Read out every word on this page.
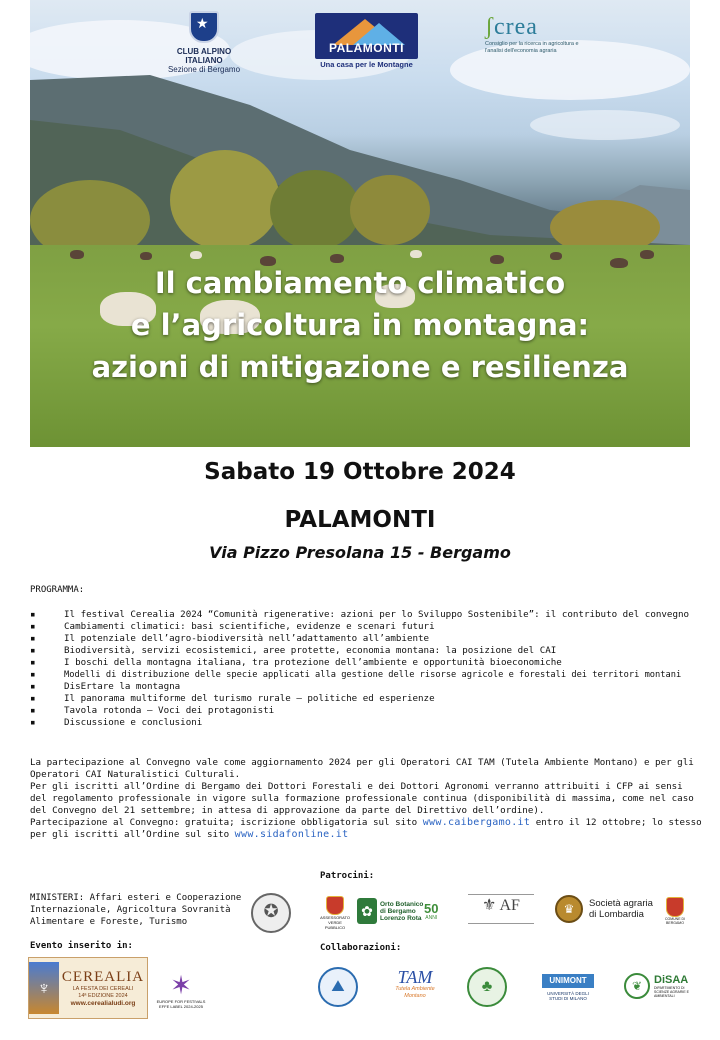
★
CLUB ALPINO ITALIANO
Sezione di Bergamo
PALAMONTI
Una casa per le Montagne
ʃcrea
Consiglio per la ricerca in agricoltura e l'analisi dell'economia agraria
Il cambiamento climatico
e l’agricoltura in montagna:
azioni di mitigazione e resilienza
Sabato 19 Ottobre 2024
PALAMONTI
Via Pizzo Presolana 15 - Bergamo
PROGRAMMA:
▪	Il festival Cerealia 2024 “Comunità rigenerative: azioni per lo Sviluppo Sostenibile”: il contributo del convegno
▪	Cambiamenti climatici: basi scientifiche, evidenze e scenari futuri
▪	Il potenziale dell’agro-biodiversità nell’adattamento all’ambiente
▪	Biodiversità, servizi ecosistemici, aree protette, economia montana: la posizione del CAI
▪	I boschi della montagna italiana, tra protezione dell’ambiente e opportunità bioeconomiche
▪	Modelli di distribuzione delle specie applicati alla gestione delle risorse agricole e forestali dei territori montani
▪	DisErtare la montagna
▪	Il panorama multiforme del turismo rurale – politiche ed esperienze
▪	Tavola rotonda – Voci dei protagonisti
▪	Discussione e conclusioni

La partecipazione al Convegno vale come aggiornamento 2024 per gli Operatori CAI TAM (Tutela Ambiente Montano) e per gli Operatori CAI Naturalistici Culturali.

Per gli iscritti all’Ordine di Bergamo dei Dottori Forestali e dei Dottori Agronomi verranno attribuiti i CFP ai sensi del regolamento professionale in vigore sulla formazione professionale continua (disponibilità di massima, come nel caso del Convegno del 21 settembre; in attesa di approvazione da parte del Direttivo dell’ordine).

Partecipazione al Convegno: gratuita; iscrizione obbligatoria sul sito www.caibergamo.it entro il 12 ottobre; lo stesso per gli iscritti all’Ordine sul sito www.sidafonline.it

Patrocini:
MINISTERI: Affari esteri e Cooperazione Internazionale, Agricoltura Sovranità Alimentare e Foreste, Turismo	✪	ASSESSORATO VERDE PUBBLICO
✿	Orto Botanico di Bergamo Lorenzo Rota
50
ANNI
⚜ AF	♛	Società agraria di Lombardia	COMUNE DI BERGAMO
Evento inserito in:	Collaborazioni:
♆
CEREALIA
LA FESTA DEI CEREALI
14ª EDIZIONE 2024
www.cerealialudi.org
✶
EUROPE FOR FESTIVALS EFFE LABEL 2024-2025
⛰	TAM
Tutela Ambiente Montano
♣	UNIMONT
UNIVERSITÀ DEGLI STUDI DI MILANO
❦	DiSAA
DIPARTIMENTO DI SCIENZE AGRARIE E AMBIENTALI
